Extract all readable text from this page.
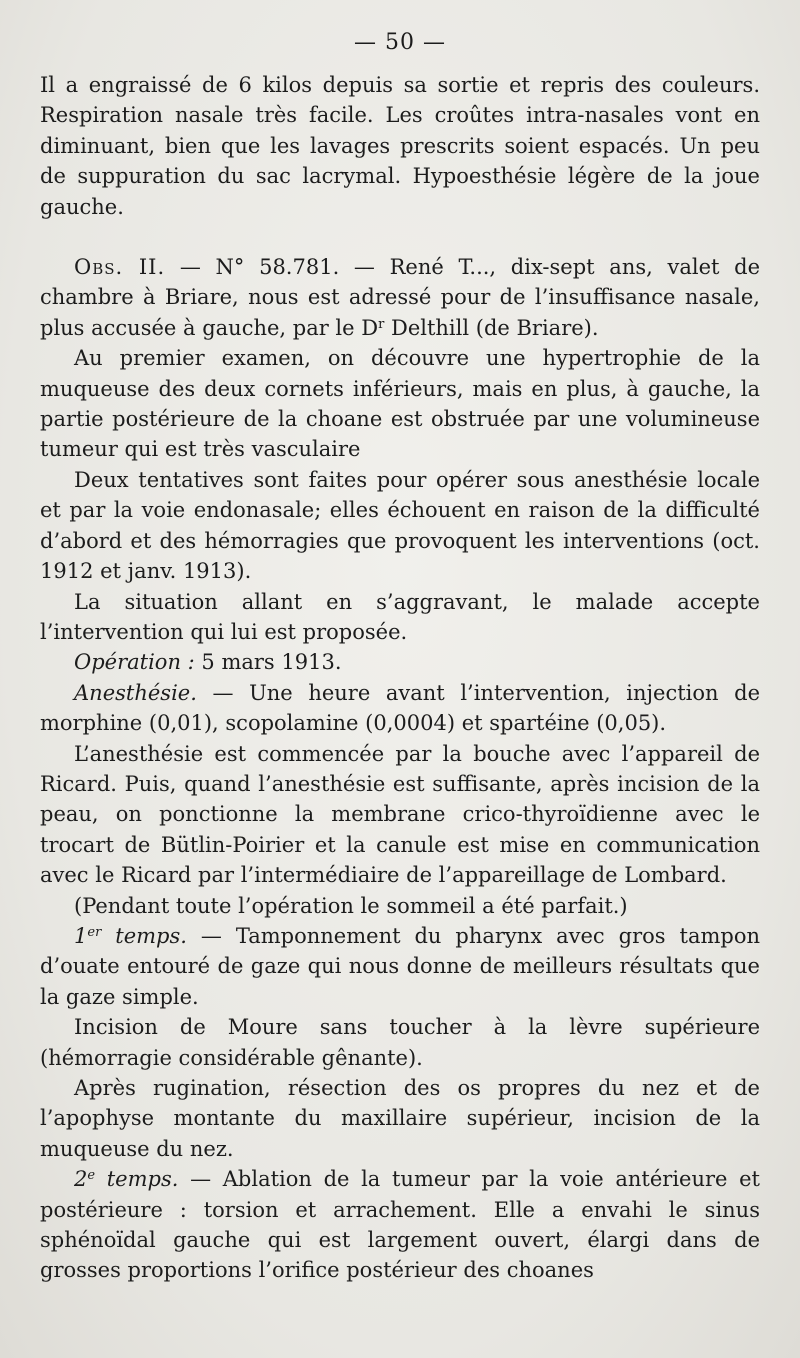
— 50 —

Il a engraissé de 6 kilos depuis sa sortie et repris des couleurs. Respiration nasale très facile. Les croûtes intra-nasales vont en diminuant, bien que les lavages prescrits soient espacés. Un peu de suppuration du sac lacrymal. Hypoesthésie légère de la joue gauche.

Obs. II. — N° 58.781. — René T..., dix-sept ans, valet de chambre à Briare, nous est adressé pour de l’insuffisance nasale, plus accusée à gauche, par le $D^r$ Delthill (de Briare).

Au premier examen, on découvre une hypertrophie de la muqueuse des deux cornets inférieurs, mais en plus, à gauche, la partie postérieure de la choane est obstruée par une volumineuse tumeur qui est très vasculaire

Deux tentatives sont faites pour opérer sous anesthésie locale et par la voie endonasale; elles échouent en raison de la difficulté d’abord et des hémorragies que provoquent les interventions (oct. 1912 et janv. 1913).

La situation allant en s’aggravant, le malade accepte l’intervention qui lui est proposée.

Opération : 5 mars 1913.

Anesthésie. — Une heure avant l’intervention, injection de morphine (0,01), scopolamine (0,0004) et spartéine (0,05).

L’anesthésie est commencée par la bouche avec l’appareil de Ricard. Puis, quand l’anesthésie est suffisante, après incision de la peau, on ponctionne la membrane crico-thyroïdienne avec le trocart de Bütlin-Poirier et la canule est mise en communication avec le Ricard par l’intermédiaire de l’appareillage de Lombard.

(Pendant toute l’opération le sommeil a été parfait.)

1er temps. — Tamponnement du pharynx avec gros tampon d’ouate entouré de gaze qui nous donne de meilleurs résultats que la gaze simple.

Incision de Moure sans toucher à la lèvre supérieure (hémorragie considérable gênante).

Après rugination, résection des os propres du nez et de l’apophyse montante du maxillaire supérieur, incision de la muqueuse du nez.

2e temps. — Ablation de la tumeur par la voie antérieure et postérieure : torsion et arrachement. Elle a envahi le sinus sphénoïdal gauche qui est largement ouvert, élargi dans de grosses proportions l’orifice postérieur des choanes
